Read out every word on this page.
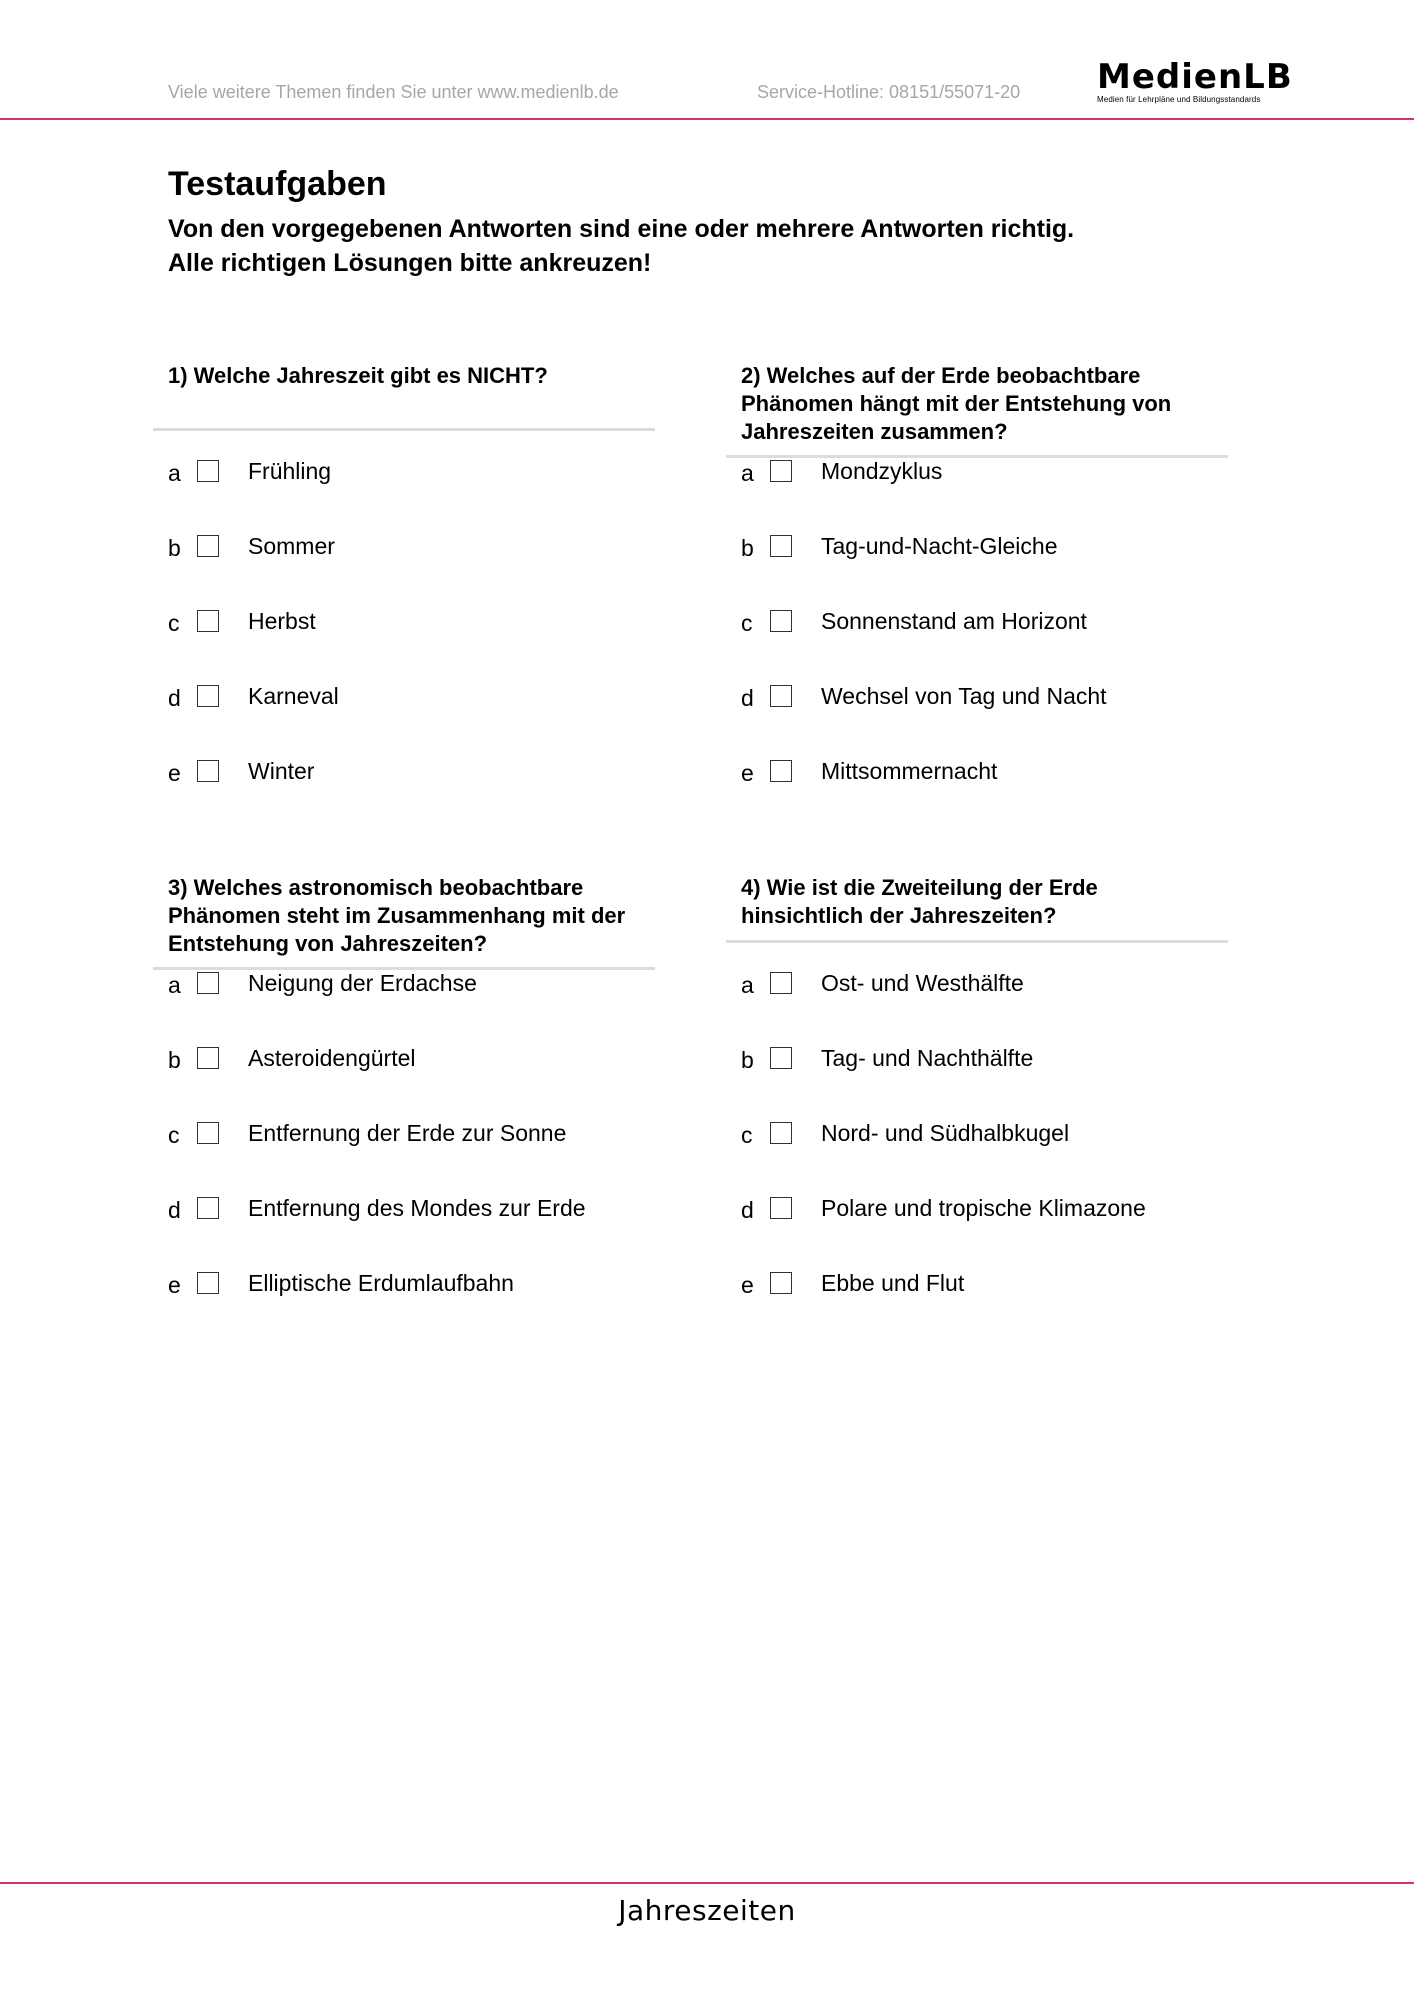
Viele weitere Themen finden Sie unter www.medienlb.de	Service-Hotline: 08151/55071-20 MedienLB
Medien für Lehrpläne und Bildungsstandards
Testaufgaben
Von den vorgegebenen Antworten sind eine oder mehrere Antworten richtig.
Alle richtigen Lösungen bitte ankreuzen!
1) Welche Jahreszeit gibt es NICHT?
a	Frühling
b	Sommer
c	Herbst
d	Karneval
e	Winter
2) Welches auf der Erde beobachtbare
Phänomen hängt mit der Entstehung von
Jahreszeiten zusammen?
a	Mondzyklus
b	Tag-und-Nacht-Gleiche
c	Sonnenstand am Horizont
d	Wechsel von Tag und Nacht
e	Mittsommernacht
3) Welches astronomisch beobachtbare
Phänomen steht im Zusammenhang mit der
Entstehung von Jahreszeiten?
a	Neigung der Erdachse
b	Asteroidengürtel
c	Entfernung der Erde zur Sonne
d	Entfernung des Mondes zur Erde
e	Elliptische Erdumlaufbahn
4) Wie ist die Zweiteilung der Erde
hinsichtlich der Jahreszeiten?
a	Ost- und Westhälfte
b	Tag- und Nachthälfte
c	Nord- und Südhalbkugel
d	Polare und tropische Klimazone
e	Ebbe und Flut
Jahreszeiten
